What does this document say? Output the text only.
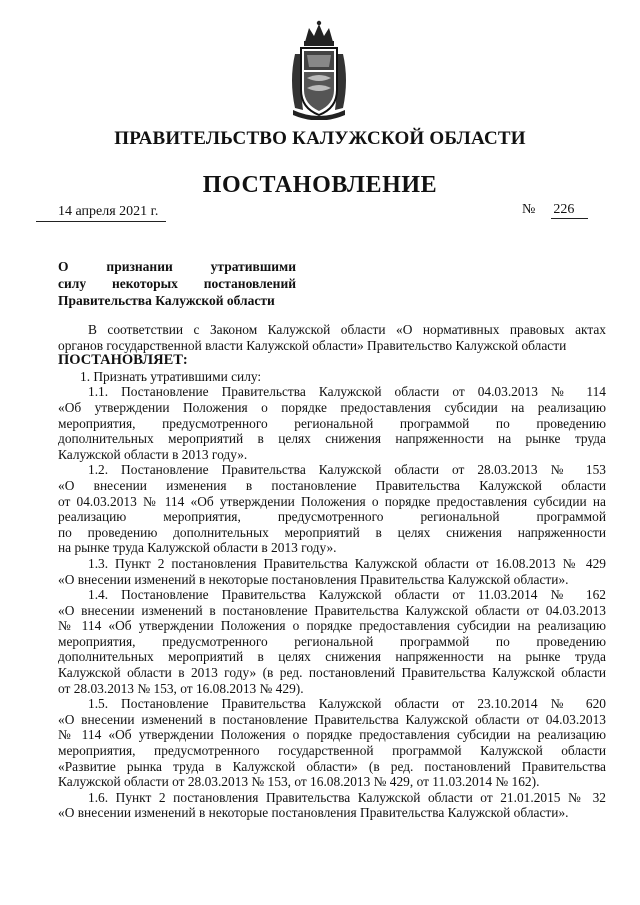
ПРАВИТЕЛЬСТВО КАЛУЖСКОЙ ОБЛАСТИ
ПОСТАНОВЛЕНИЕ
14 апреля 2021 г.	№ 226
О признании утратившими
силу некоторых постановлений
Правительства Калужской области
В соответствии с Законом Калужской области «О нормативных правовых актах
органов государственной власти Калужской области» Правительство Калужской области
ПОСТАНОВЛЯЕТ:
1. Признать утратившими силу:
1.1. Постановление Правительства Калужской области от 04.03.2013 № 114
«Об утверждении Положения о порядке предоставления субсидии на реализацию
мероприятия, предусмотренного региональной программой по проведению
дополнительных мероприятий в целях снижения напряженности на рынке труда
Калужской области в 2013 году».
1.2. Постановление Правительства Калужской области от 28.03.2013 № 153
«О внесении изменения в постановление Правительства Калужской области
от 04.03.2013 № 114 «Об утверждении Положения о порядке предоставления субсидии на
реализацию мероприятия, предусмотренного региональной программой
по проведению дополнительных мероприятий в целях снижения напряженности
на рынке труда Калужской области в 2013 году».
1.3. Пункт 2 постановления Правительства Калужской области от 16.08.2013 № 429
«О внесении изменений в некоторые постановления Правительства Калужской области».
1.4. Постановление Правительства Калужской области от 11.03.2014 № 162
«О внесении изменений в постановление Правительства Калужской области от 04.03.2013
№ 114 «Об утверждении Положения о порядке предоставления субсидии на реализацию
мероприятия, предусмотренного региональной программой по проведению
дополнительных мероприятий в целях снижения напряженности на рынке труда
Калужской области в 2013 году» (в ред. постановлений Правительства Калужской области
от 28.03.2013 № 153, от 16.08.2013 № 429).
1.5. Постановление Правительства Калужской области от 23.10.2014 № 620
«О внесении изменений в постановление Правительства Калужской области от 04.03.2013
№ 114 «Об утверждении Положения о порядке предоставления субсидии на реализацию
мероприятия, предусмотренного государственной программой Калужской области
«Развитие рынка труда в Калужской области» (в ред. постановлений Правительства
Калужской области от 28.03.2013 № 153, от 16.08.2013 № 429, от 11.03.2014 № 162).
1.6. Пункт 2 постановления Правительства Калужской области от 21.01.2015 № 32
«О внесении изменений в некоторые постановления Правительства Калужской области».
